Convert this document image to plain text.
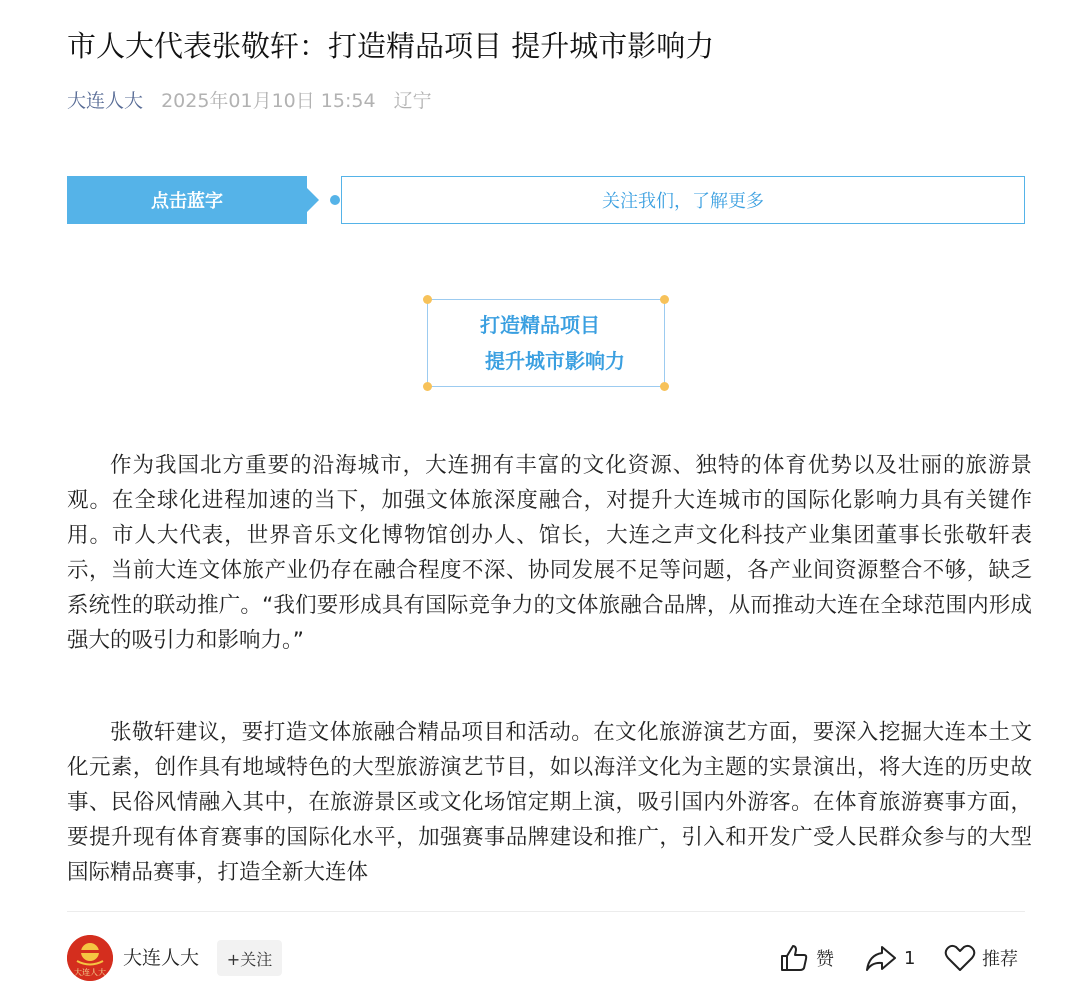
市人大代表张敬轩：打造精品项目 提升城市影响力
大连人大 2025年01月10日 15:54 辽宁
点击蓝字	关注我们，了解更多
打造精品项目
提升城市影响力

作为我国北方重要的沿海城市，大连拥有丰富的文化资源、独特的体育优势以及壮丽的旅游景观。在全球化进程加速的当下，加强文体旅深度融合，对提升大连城市的国际化影响力具有关键作用。市人大代表，世界音乐文化博物馆创办人、馆长，大连之声文化科技产业集团董事长张敬轩表示，当前大连文体旅产业仍存在融合程度不深、协同发展不足等问题，各产业间资源整合不够，缺乏系统性的联动推广。“我们要形成具有国际竞争力的文体旅融合品牌，从而推动大连在全球范围内形成强大的吸引力和影响力。”

张敬轩建议，要打造文体旅融合精品项目和活动。在文化旅游演艺方面，要深入挖掘大连本土文化元素，创作具有地域特色的大型旅游演艺节目，如以海洋文化为主题的实景演出，将大连的历史故事、民俗风情融入其中，在旅游景区或文化场馆定期上演，吸引国内外游客。在体育旅游赛事方面，要提升现有体育赛事的国际化水平，加强赛事品牌建设和推广，引入和开发广受人民群众参与的大型国际精品赛事，打造全新大连体

大连人大
大连人大	+关注	赞	1	推荐
